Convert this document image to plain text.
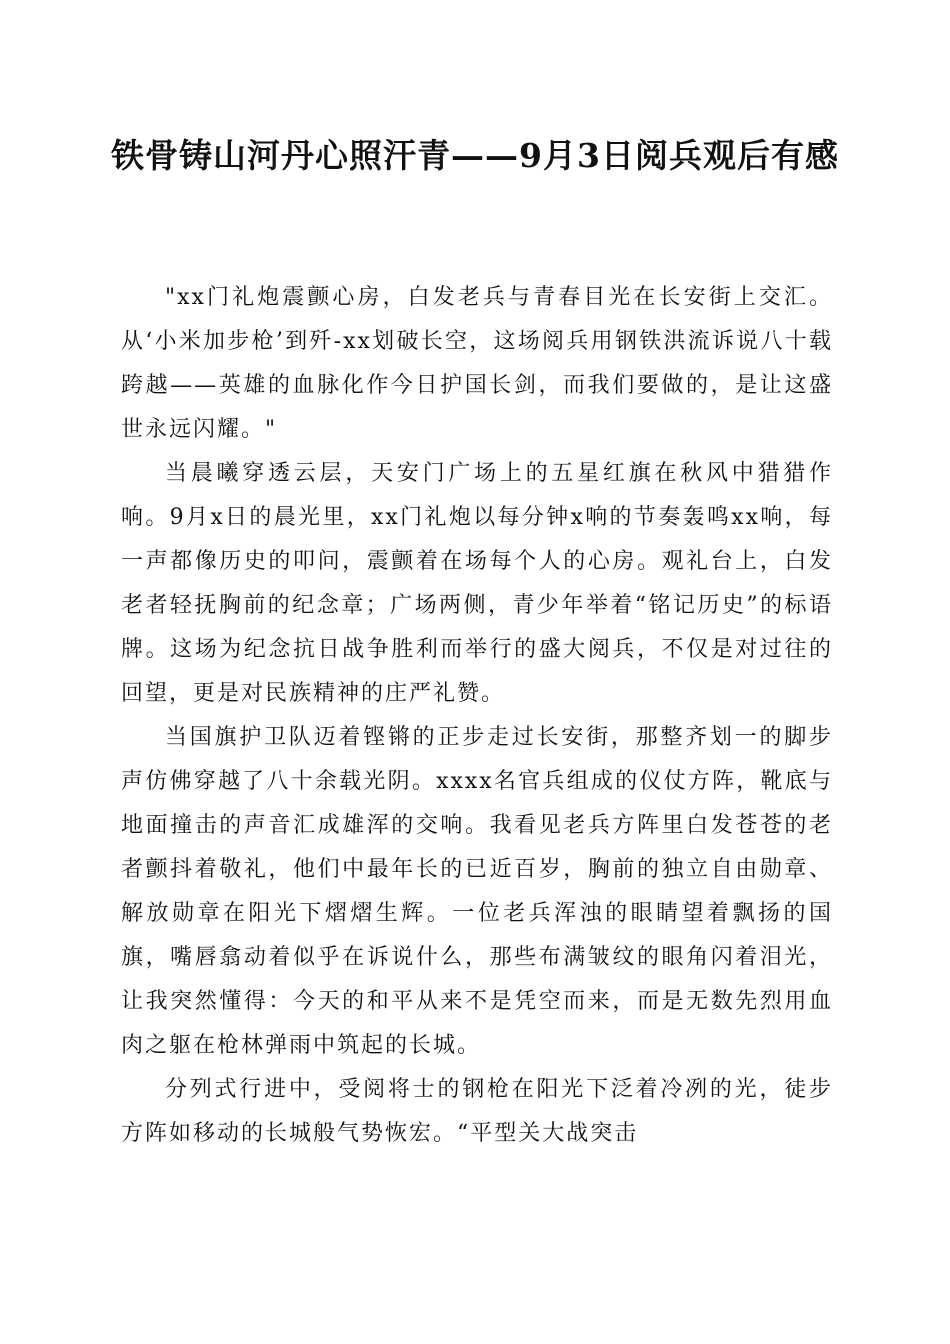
铁骨铸山河丹心照汗青——9月3日阅兵观后有感

"xx门礼炮震颤心房，白发老兵与青春目光在长安街上交汇。从‘小米加步枪’到歼-xx划破长空，这场阅兵用钢铁洪流诉说八十载跨越——英雄的血脉化作今日护国长剑，而我们要做的，是让这盛世永远闪耀。"

当晨曦穿透云层，天安门广场上的五星红旗在秋风中猎猎作响。9月x日的晨光里，xx门礼炮以每分钟x响的节奏轰鸣xx响，每一声都像历史的叩问，震颤着在场每个人的心房。观礼台上，白发老者轻抚胸前的纪念章；广场两侧，青少年举着“铭记历史”的标语牌。这场为纪念抗日战争胜利而举行的盛大阅兵，不仅是对过往的回望，更是对民族精神的庄严礼赞。

当国旗护卫队迈着铿锵的正步走过长安街，那整齐划一的脚步声仿佛穿越了八十余载光阴。xxxx名官兵组成的仪仗方阵，靴底与地面撞击的声音汇成雄浑的交响。我看见老兵方阵里白发苍苍的老者颤抖着敬礼，他们中最年长的已近百岁，胸前的独立自由勋章、解放勋章在阳光下熠熠生辉。一位老兵浑浊的眼睛望着飘扬的国旗，嘴唇翕动着似乎在诉说什么，那些布满皱纹的眼角闪着泪光，让我突然懂得：今天的和平从来不是凭空而来，而是无数先烈用血肉之躯在枪林弹雨中筑起的长城。

分列式行进中，受阅将士的钢枪在阳光下泛着冷冽的光，徒步方阵如移动的长城般气势恢宏。“平型关大战突击
